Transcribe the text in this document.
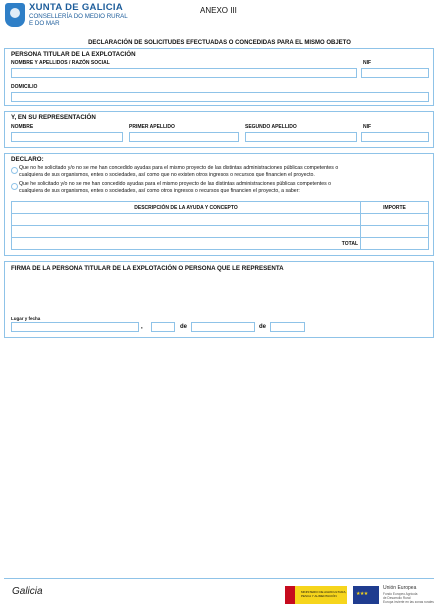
XUNTA DE GALICIA
CONSELLERÍA DO MEDIO RURAL
E DO MAR
ANEXO III
DECLARACIÓN DE SOLICITUDES EFECTUADAS O CONCEDIDAS PARA EL MISMO OBJETO
PERSONA TITULAR DE LA EXPLOTACIÓN
NOMBRE Y APELLIDOS / RAZÓN SOCIAL	NIF
DOMICILIO
Y, EN SU REPRESENTACIÓN
NOMBRE	PRIMER APELLIDO	SEGUNDO APELLIDO	NIF
DECLARO:
Que no he solicitado y/o no se me han concedido ayudas para el mismo proyecto de las distintas administraciones públicas competentes o
cualquiera de sus organismos, entes o sociedades, así como que no existen otros ingresos o recursos que financien el proyecto.
Que he solicitado y/o no se me han concedido ayudas para el mismo proyecto de las distintas administraciones públicas competentes o
cualquiera de sus organismos, entes o sociedades, así como otros ingresos o recursos que financien el proyecto, a saber:
DESCRIPCIÓN DE LA AYUDA Y CONCEPTO	IMPORTE

TOTAL	
FIRMA DE LA PERSONA TITULAR DE LA EXPLOTACIÓN O PERSONA QUE LE REPRESENTA
Lugar y fecha
,	de	de
Galicia	MINISTERIO DE AGRICULTURA, PESCA Y ALIMENTACIÓN
★ ★ ★
Unión Europea
Fondo Europeo Agrícola
de Desarrollo Rural
Europa invierte en las zonas rurales
